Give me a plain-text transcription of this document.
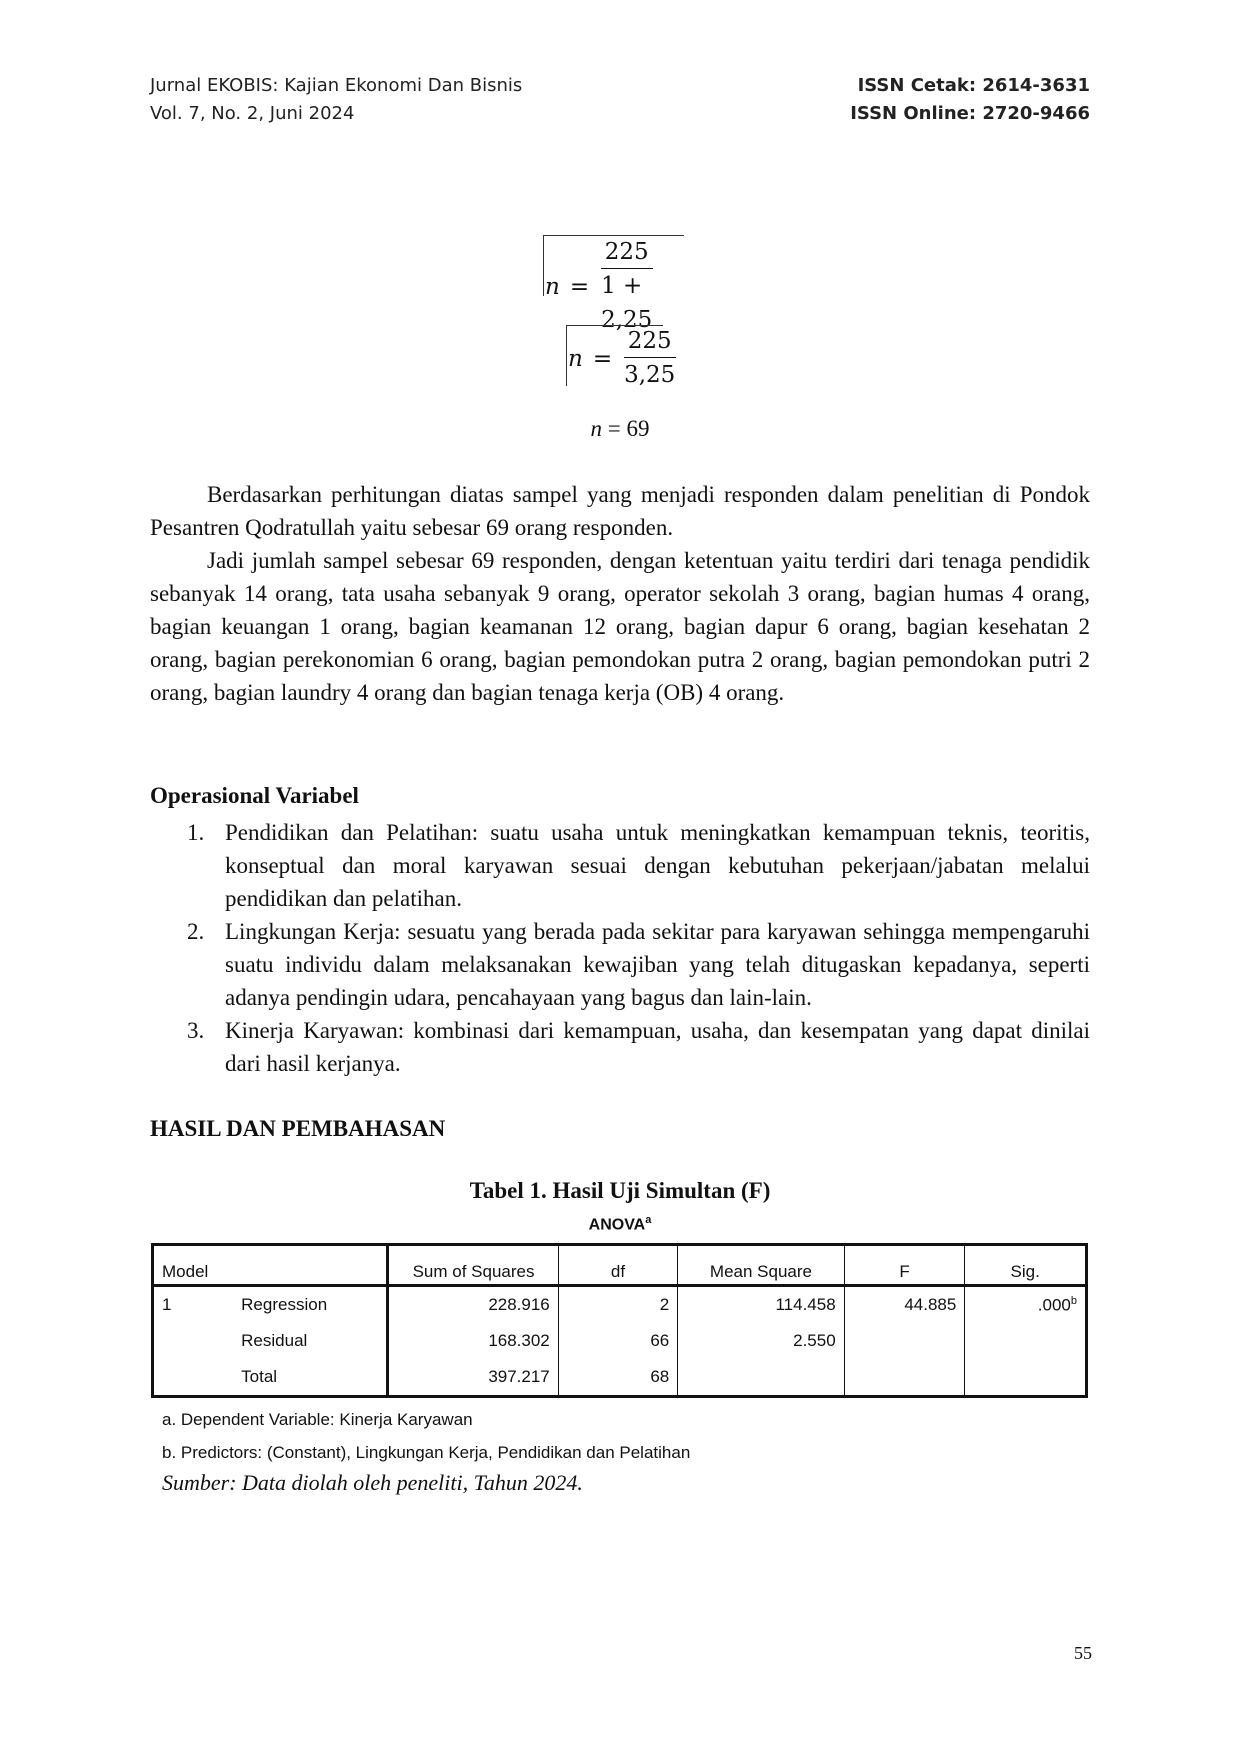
Jurnal EKOBIS: Kajian Ekonomi Dan Bisnis
Vol. 7, No. 2, Juni 2024
ISSN Cetak: 2614-3631
ISSN Online: 2720-9466
$n = \frac{225}{1 + 2,25}$
$n = \frac{225}{3,25}$
n = 69

Berdasarkan perhitungan diatas sampel yang menjadi responden dalam penelitian di Pondok Pesantren Qodratullah yaitu sebesar 69 orang responden.

Jadi jumlah sampel sebesar 69 responden, dengan ketentuan yaitu terdiri dari tenaga pendidik sebanyak 14 orang, tata usaha sebanyak 9 orang, operator sekolah 3 orang, bagian humas 4 orang, bagian keuangan 1 orang, bagian keamanan 12 orang, bagian dapur 6 orang, bagian kesehatan 2 orang, bagian perekonomian 6 orang, bagian pemondokan putra 2 orang, bagian pemondokan putri 2 orang, bagian laundry 4 orang dan bagian tenaga kerja (OB) 4 orang.

Operasional Variabel
1. Pendidikan dan Pelatihan: suatu usaha untuk meningkatkan kemampuan teknis, teoritis, konseptual dan moral karyawan sesuai dengan kebutuhan pekerjaan/jabatan melalui pendidikan dan pelatihan.
2. Lingkungan Kerja: sesuatu yang berada pada sekitar para karyawan sehingga mempengaruhi suatu individu dalam melaksanakan kewajiban yang telah ditugaskan kepadanya, seperti adanya pendingin udara, pencahayaan yang bagus dan lain-lain.
3. Kinerja Karyawan: kombinasi dari kemampuan, usaha, dan kesempatan yang dapat dinilai dari hasil kerjanya.
HASIL DAN PEMBAHASAN
Tabel 1. Hasil Uji Simultan (F)
ANOVA$^a$
Model		Sum of Squares	df	Mean Square	F	Sig.
1	Regression	228.916	2	114.458	44.885	.000$^b$
	Residual	168.302	66	2.550		
	Total	397.217	68			
a. Dependent Variable: Kinerja Karyawan
b. Predictors: (Constant), Lingkungan Kerja, Pendidikan dan Pelatihan
Sumber: Data diolah oleh peneliti, Tahun 2024.
55
